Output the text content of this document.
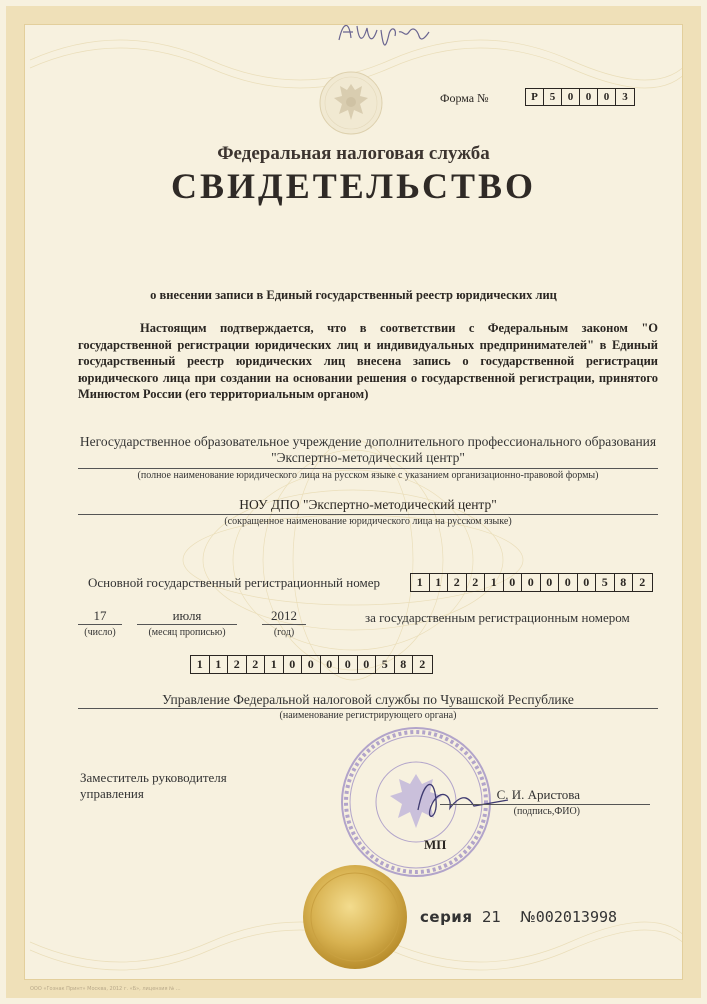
Форма №	Р	5	0	0	0	3
Федеральная налоговая служба
СВИДЕТЕЛЬСТВО
о внесении записи в Единый государственный реестр юридических лиц
Настоящим подтверждается, что в соответствии с Федеральным законом "О государственной регистрации юридических лиц и индивидуальных предпринимателей" в Единый государственный реестр юридических лиц внесена запись о государственной регистрации юридического лица при создании на основании решения о государственной регистрации, принятого Минюстом России (его территориальным органом)
Негосударственное образовательное учреждение дополнительного профессионального образования "Экспертно-методический центр"
(полное наименование юридического лица на русском языке с указанием организационно-правовой формы)
НОУ ДПО "Экспертно-методический центр"
(сокращенное наименование юридического лица на русском языке)
Основной государственный регистрационный номер	1	1	2	2	1	0	0	0	0	0	5	8	2
17	июля	2012
(число)	(месяц прописью)	(год)
за государственным регистрационным номером
1	1	2	2	1	0	0	0	0	0	5	8	2
Управление Федеральной налоговой службы по Чувашской Республике
(наименование регистрирующего органа)
Заместитель руководителя управления	С. И. Аристова
(подпись,ФИО)
МП
серия 21 №002013998
ООО «Гознак Принт» Москва, 2012 г. «Б», лицензия № ...
